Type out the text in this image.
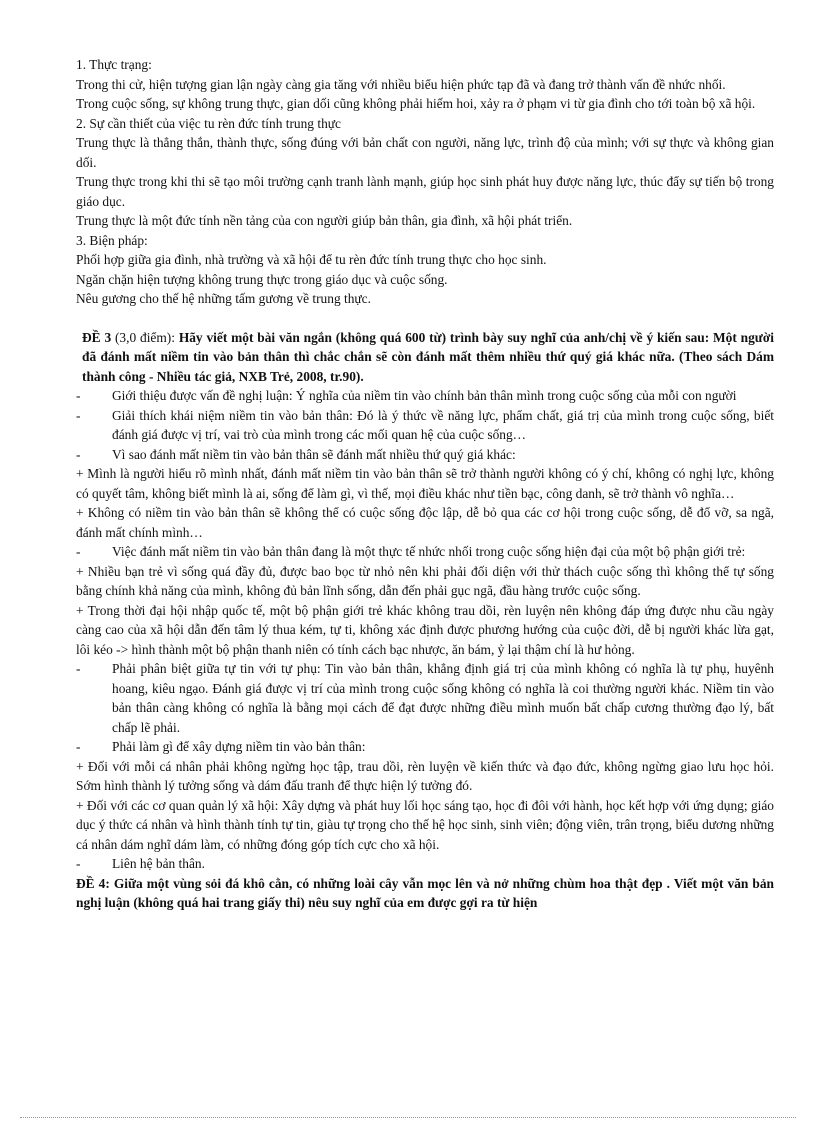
1. Thực trạng:

Trong thi cử, hiện tượng gian lận ngày càng gia tăng với nhiều biểu hiện phức tạp đã và đang trở thành vấn đề nhức nhối.

Trong cuộc sống, sự không trung thực, gian dối cũng không phải hiếm hoi, xảy ra ở phạm vi từ gia đình cho tới toàn bộ xã hội.

2. Sự cần thiết của việc tu rèn đức tính trung thực

Trung thực là thẳng thắn, thành thực, sống đúng với bản chất con người, năng lực, trình độ của mình; với sự thực và không gian dối.

Trung thực trong khi thi sẽ tạo môi trường cạnh tranh lành mạnh, giúp học sinh phát huy được năng lực, thúc đẩy sự tiến bộ trong giáo dục.

Trung thực là một đức tính nền tảng của con người giúp bản thân, gia đình, xã hội phát triển.

3. Biện pháp:

Phối hợp giữa gia đình, nhà trường và xã hội để tu rèn đức tính trung thực cho học sinh.

Ngăn chặn hiện tượng không trung thực trong giáo dục và cuộc sống.

Nêu gương cho thế hệ những tấm gương về trung thực.

ĐỀ 3 (3,0 điểm): Hãy viết một bài văn ngắn (không quá 600 từ) trình bày suy nghĩ của anh/chị về ý kiến sau: Một người đã đánh mất niềm tin vào bản thân thì chắc chắn sẽ còn đánh mất thêm nhiều thứ quý giá khác nữa. (Theo sách Dám thành công - Nhiều tác giả, NXB Trẻ, 2008, tr.90).

-	Giới thiệu được vấn đề nghị luận: Ý nghĩa của niềm tin vào chính bản thân mình trong cuộc sống của mỗi con người

-	Giải thích khái niệm niềm tin vào bản thân: Đó là ý thức về năng lực, phẩm chất, giá trị của mình trong cuộc sống, biết đánh giá được vị trí, vai trò của mình trong các mối quan hệ của cuộc sống…

-	Vì sao đánh mất niềm tin vào bản thân sẽ đánh mất nhiều thứ quý giá khác:

+ Mình là người hiểu rõ mình nhất, đánh mất niềm tin vào bản thân sẽ trở thành người không có ý chí, không có nghị lực, không có quyết tâm, không biết mình là ai, sống để làm gì, vì thế, mọi điều khác như tiền bạc, công danh, sẽ trở thành vô nghĩa…

+ Không có niềm tin vào bản thân sẽ không thể có cuộc sống độc lập, dễ bỏ qua các cơ hội trong cuộc sống, dễ đổ vỡ, sa ngã, đánh mất chính mình…

-	Việc đánh mất niềm tin vào bản thân đang là một thực tế nhức nhối trong cuộc sống hiện đại của một bộ phận giới trẻ:

+ Nhiều bạn trẻ vì sống quá đầy đủ, được bao bọc từ nhỏ nên khi phải đối diện với thử thách cuộc sống thì không thể tự sống bằng chính khả năng của mình, không đủ bản lĩnh sống, dẫn đến phải gục ngã, đầu hàng trước cuộc sống.

+ Trong thời đại hội nhập quốc tế, một bộ phận giới trẻ khác không trau dồi, rèn luyện nên không đáp ứng được nhu cầu ngày càng cao của xã hội dẫn đến tâm lý thua kém, tự ti, không xác định được phương hướng của cuộc đời, dễ bị người khác lừa gạt, lôi kéo -> hình thành một bộ phận thanh niên có tính cách bạc nhược, ăn bám, ỷ lại thậm chí là hư hỏng.

-	Phải phân biệt giữa tự tin với tự phụ: Tin vào bản thân, khẳng định giá trị của mình không có nghĩa là tự phụ, huyênh hoang, kiêu ngạo. Đánh giá được vị trí của mình trong cuộc sống không có nghĩa là coi thường người khác. Niềm tin vào bản thân càng không có nghĩa là bằng mọi cách để đạt được những điều mình muốn bất chấp cương thường đạo lý, bất chấp lẽ phải.

-	Phải làm gì để xây dựng niềm tin vào bản thân:

+ Đối với mỗi cá nhân phải không ngừng học tập, trau dồi, rèn luyện về kiến thức và đạo đức, không ngừng giao lưu học hỏi. Sớm hình thành lý tưởng sống và dám đấu tranh để thực hiện lý tưởng đó.

+ Đối với các cơ quan quản lý xã hội: Xây dựng và phát huy lối học sáng tạo, học đi đôi với hành, học kết hợp với ứng dụng; giáo dục ý thức cá nhân và hình thành tính tự tin, giàu tự trọng cho thế hệ học sinh, sinh viên; động viên, trân trọng, biểu dương những cá nhân dám nghĩ dám làm, có những đóng góp tích cực cho xã hội.

-	Liên hệ bản thân.

ĐỀ 4: Giữa một vùng sỏi đá khô cằn, có những loài cây vẫn mọc lên và nở những chùm hoa thật đẹp . Viết một văn bản nghị luận (không quá hai trang giấy thi) nêu suy nghĩ của em được gợi ra từ hiện
